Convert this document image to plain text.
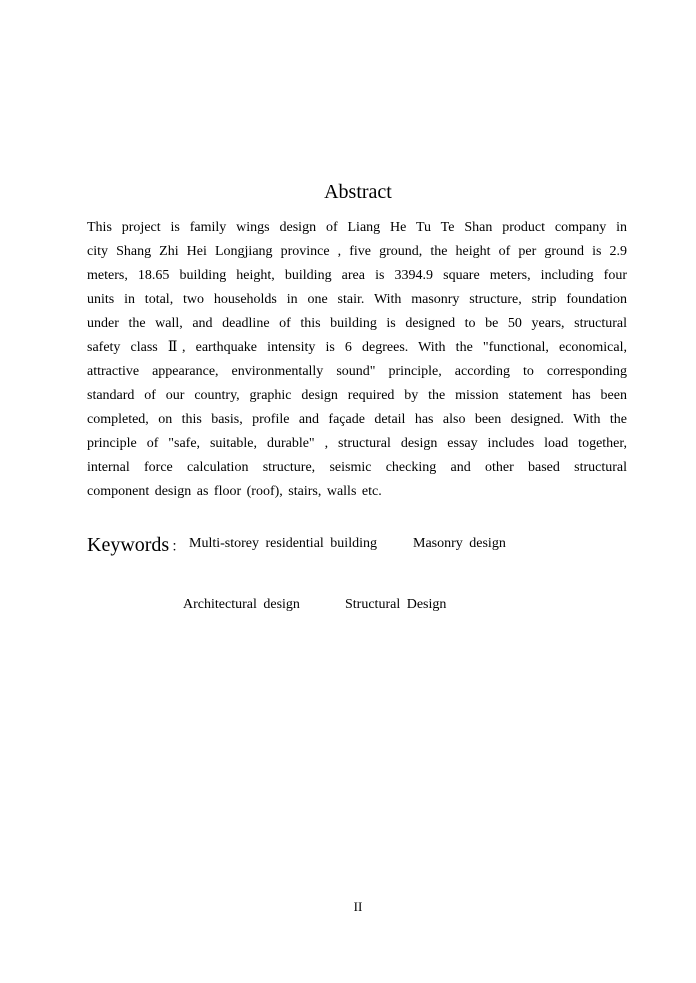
Abstract
This project is family wings design of Liang He Tu Te Shan product company in
city Shang Zhi Hei Longjiang province , five ground, the height of per ground is 2.9
meters, 18.65 building height, building area is 3394.9 square meters, including four
units in total, two households in one stair. With masonry structure, strip foundation
under the wall, and deadline of this building is designed to be 50 years, structural
safety class Ⅱ, earthquake intensity is 6 degrees. With the "functional, economical,
attractive appearance, environmentally sound" principle, according to corresponding
standard of our country, graphic design required by the mission statement has been
completed, on this basis, profile and façade detail has also been designed. With the
principle of "safe, suitable, durable" , structural design essay includes load together,
internal force calculation structure, seismic checking and other based structural
component design as floor (roof), stairs, walls etc.
Keywords ： Multi-storey residential building	Masonry design
Architectural design	Structural Design
II
